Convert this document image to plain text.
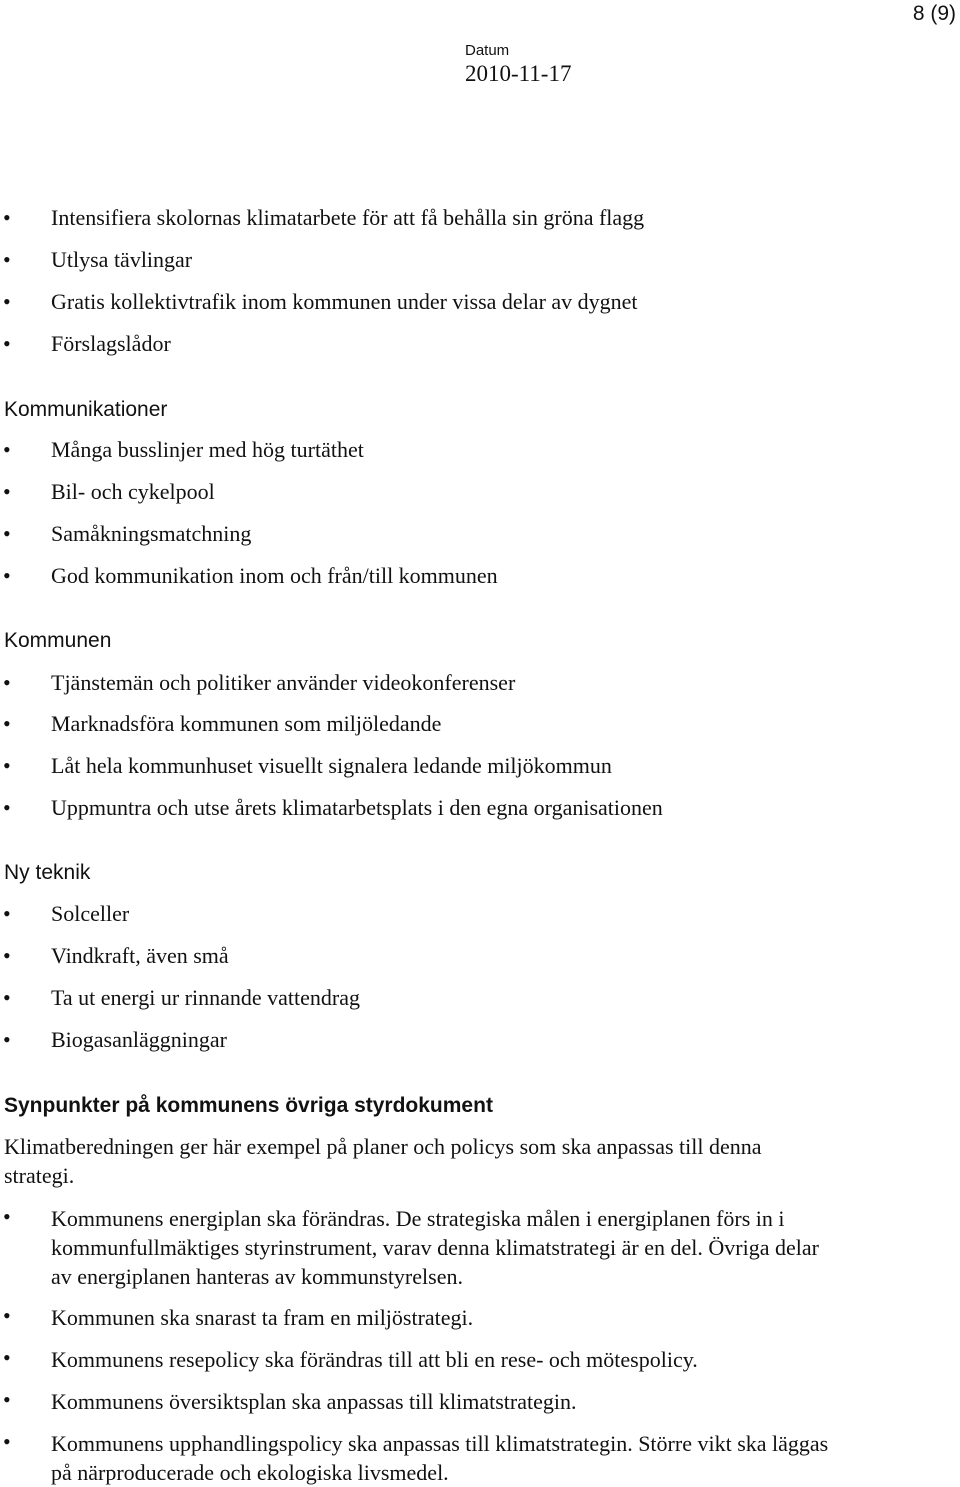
8 (9)
Datum
2010-11-17
• Intensifiera skolornas klimatarbete för att få behålla sin gröna flagg
• Utlysa tävlingar
• Gratis kollektivtrafik inom kommunen under vissa delar av dygnet
• Förslagslådor
Kommunikationer
• Många busslinjer med hög turtäthet
• Bil- och cykelpool
• Samåkningsmatchning
• God kommunikation inom och från/till kommunen
Kommunen
• Tjänstemän och politiker använder videokonferenser
• Marknadsföra kommunen som miljöledande
• Låt hela kommunhuset visuellt signalera ledande miljökommun
• Uppmuntra och utse årets klimatarbetsplats i den egna organisationen
Ny teknik
• Solceller
• Vindkraft, även små
• Ta ut energi ur rinnande vattendrag
• Biogasanläggningar
Synpunkter på kommunens övriga styrdokument
Klimatberedningen ger här exempel på planer och policys som ska anpassas till denna strategi.
• Kommunens energiplan ska förändras. De strategiska målen i energiplanen förs in i kommunfullmäktiges styrinstrument, varav denna klimatstrategi är en del. Övriga delar av energiplanen hanteras av kommunstyrelsen.
• Kommunen ska snarast ta fram en miljöstrategi.
• Kommunens resepolicy ska förändras till att bli en rese- och mötespolicy.
• Kommunens översiktsplan ska anpassas till klimatstrategin.
• Kommunens upphandlingspolicy ska anpassas till klimatstrategin. Större vikt ska läggas på närproducerade och ekologiska livsmedel.
